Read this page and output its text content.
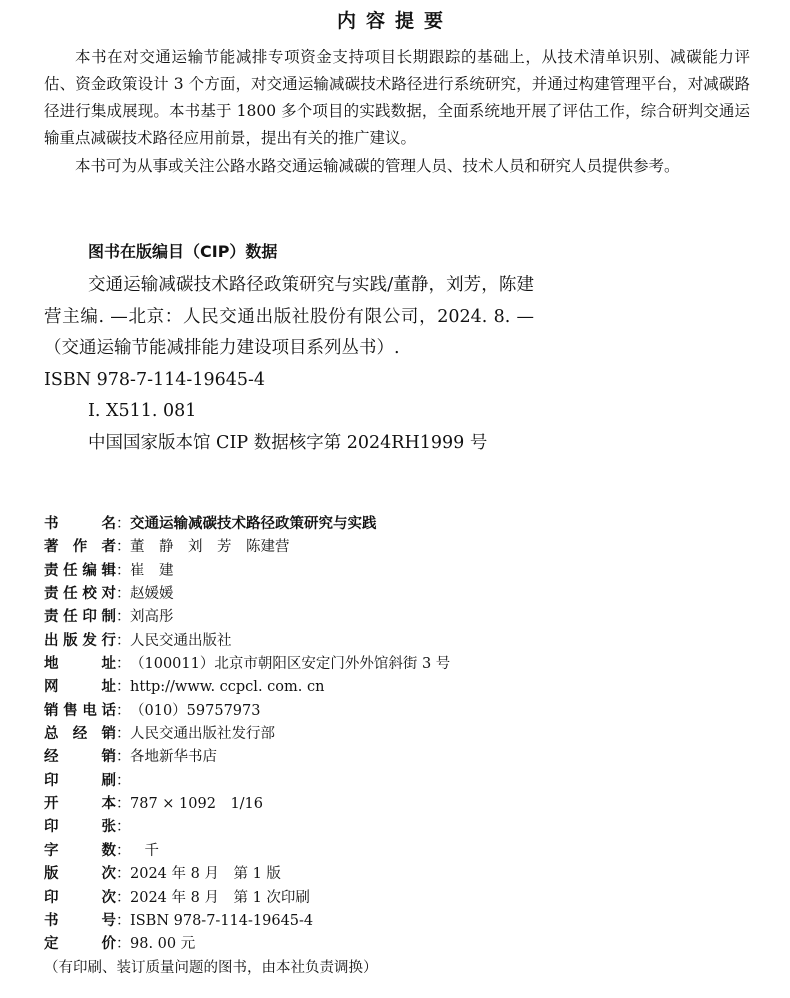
内容提要

本书在对交通运输节能减排专项资金支持项目长期跟踪的基础上，从技术清单识别、减碳能力评估、资金政策设计 3 个方面，对交通运输减碳技术路径进行系统研究，并通过构建管理平台，对减碳路径进行集成展现。本书基于 1800 多个项目的实践数据，全面系统地开展了评估工作，综合研判交通运输重点减碳技术路径应用前景，提出有关的推广建议。

本书可为从事或关注公路水路交通运输减碳的管理人员、技术人员和研究人员提供参考。

图书在版编目（CIP）数据
交通运输减碳技术路径政策研究与实践/董静，刘芳，陈建营主编. —北京：人民交通出版社股份有限公司，2024. 8. —（交通运输节能减排能力建设项目系列丛书）.
ISBN 978-7-114-19645-4
Ⅰ. X511. 081
中国国家版本馆 CIP 数据核字第 2024RH1999 号
书	名 ： 交通运输减碳技术路径政策研究与实践
著 作 者 ： 董　静　刘　芳　陈建营
责 任 编 辑 ： 崔　建
责 任 校 对 ： 赵媛媛
责 任 印 制 ： 刘高彤
出 版 发 行 ： 人民交通出版社
地	址 ： （100011）北京市朝阳区安定门外外馆斜街 3 号
网	址 ： http://www. ccpcl. com. cn
销 售 电 话 ： （010）59757973
总 经 销 ： 人民交通出版社发行部
经	销 ： 各地新华书店
印	刷 ：
开	本 ： 787 × 1092　1/16
印	张 ：
字	数 ： 　千
版	次 ： 2024 年 8 月　第 1 版
印	次 ： 2024 年 8 月　第 1 次印刷
书	号 ： ISBN 978-7-114-19645-4
定	价 ： 98. 00 元
（有印刷、装订质量问题的图书，由本社负责调换）
